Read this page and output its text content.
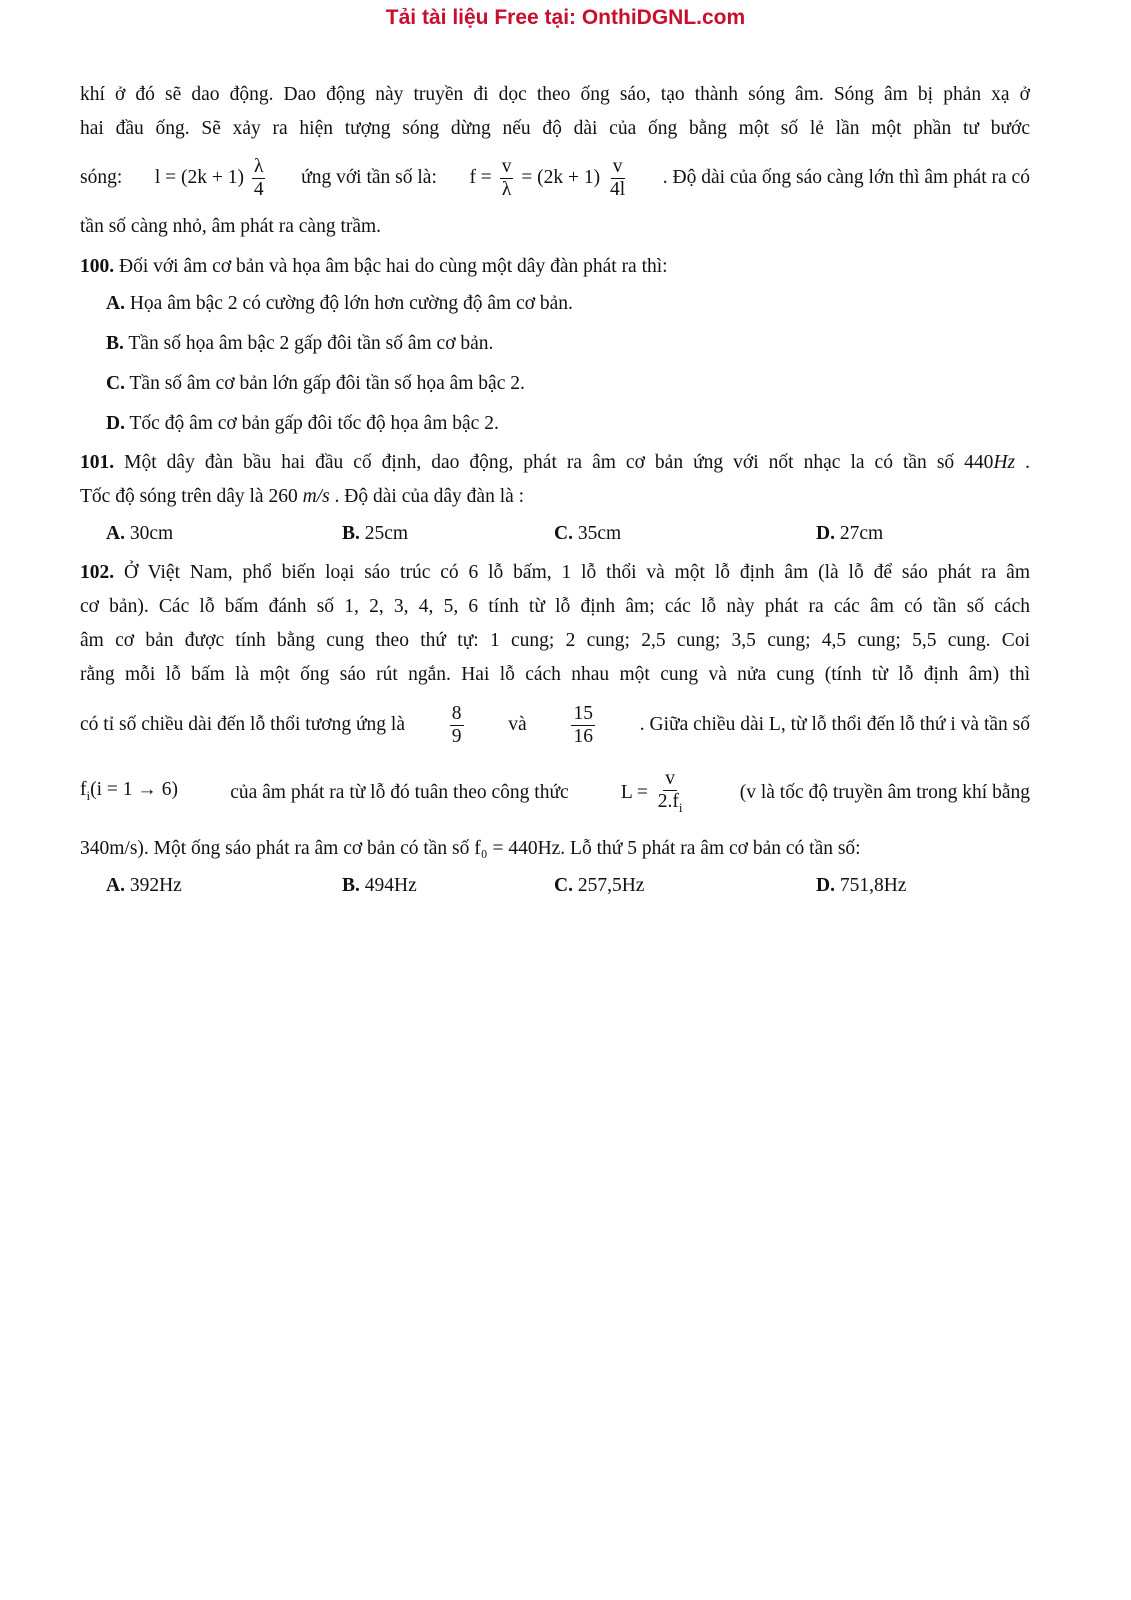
Tải tài liệu Free tại: OnthiDGNL.com

khí ở đó sẽ dao động. Dao động này truyền đi dọc theo ống sáo, tạo thành sóng âm. Sóng âm bị phản xạ ở

hai đầu ống. Sẽ xảy ra hiện tượng sóng dừng nếu độ dài của ống bằng một số lẻ lần một phần tư bước

sóng: $l = (2k + 1) \frac{\lambda}{4}$ ứng với tần số là: $f = \frac{v}{\lambda} = (2k + 1) \frac{v}{4l}$ . Độ dài của ống sáo càng lớn thì âm phát ra có

tần số càng nhỏ, âm phát ra càng trầm.

100. Đối với âm cơ bản và họa âm bậc hai do cùng một dây đàn phát ra thì:
A. Họa âm bậc 2 có cường độ lớn hơn cường độ âm cơ bản.
B. Tần số họa âm bậc 2 gấp đôi tần số âm cơ bản.
C. Tần số âm cơ bản lớn gấp đôi tần số họa âm bậc 2.
D. Tốc độ âm cơ bản gấp đôi tốc độ họa âm bậc 2.

101. Một dây đàn bầu hai đầu cố định, dao động, phát ra âm cơ bản ứng với nốt nhạc la có tần số 440Hz .

Tốc độ sóng trên dây là 260 m/s . Độ dài của dây đàn là :

A. 30cm	B. 25cm	C. 35cm	D. 27cm

102. Ở Việt Nam, phổ biến loại sáo trúc có 6 lỗ bấm, 1 lỗ thổi và một lỗ định âm (là lỗ để sáo phát ra âm

cơ bản). Các lỗ bấm đánh số 1, 2, 3, 4, 5, 6 tính từ lỗ định âm; các lỗ này phát ra các âm có tần số cách

âm cơ bản được tính bằng cung theo thứ tự: 1 cung; 2 cung; 2,5 cung; 3,5 cung; 4,5 cung; 5,5 cung. Coi

rằng mỗi lỗ bấm là một ống sáo rút ngắn. Hai lỗ cách nhau một cung và nửa cung (tính từ lỗ định âm) thì

có tỉ số chiều dài đến lỗ thổi tương ứng là $\frac{8}{9}$ và $\frac{15}{16}$ . Giữa chiều dài L, từ lỗ thổi đến lỗ thứ i và tần số
$f_i(i = 1 \to 6)$	của âm phát ra từ lỗ đó tuân theo công thức	$L = \frac{v}{2.f_i}$	(v là tốc độ truyền âm trong khí bằng

340m/s). Một ống sáo phát ra âm cơ bản có tần số f₀ = 440Hz. Lỗ thứ 5 phát ra âm cơ bản có tần số:

A. 392Hz	B. 494Hz	C. 257,5Hz	D. 751,8Hz
